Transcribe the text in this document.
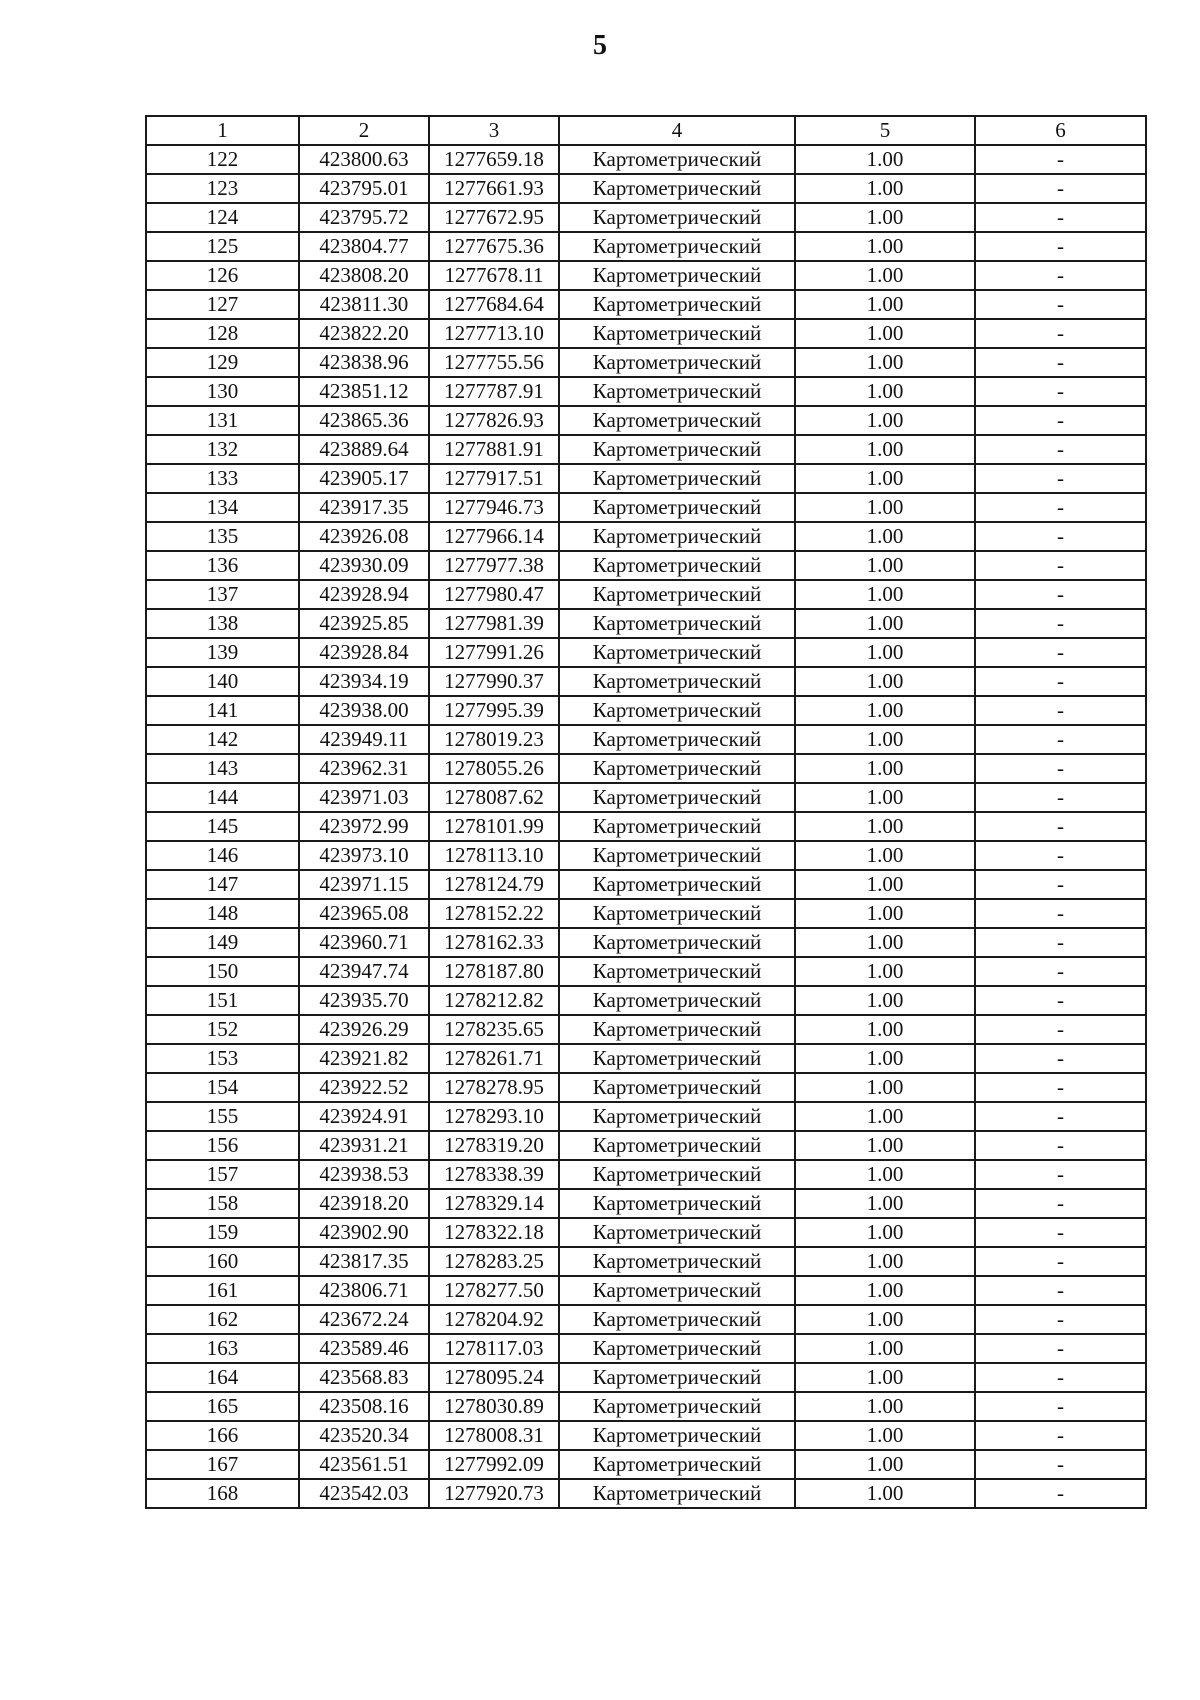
5
1	2	3	4	5	6
122	423800.63	1277659.18	Картометрический	1.00	-
123	423795.01	1277661.93	Картометрический	1.00	-
124	423795.72	1277672.95	Картометрический	1.00	-
125	423804.77	1277675.36	Картометрический	1.00	-
126	423808.20	1277678.11	Картометрический	1.00	-
127	423811.30	1277684.64	Картометрический	1.00	-
128	423822.20	1277713.10	Картометрический	1.00	-
129	423838.96	1277755.56	Картометрический	1.00	-
130	423851.12	1277787.91	Картометрический	1.00	-
131	423865.36	1277826.93	Картометрический	1.00	-
132	423889.64	1277881.91	Картометрический	1.00	-
133	423905.17	1277917.51	Картометрический	1.00	-
134	423917.35	1277946.73	Картометрический	1.00	-
135	423926.08	1277966.14	Картометрический	1.00	-
136	423930.09	1277977.38	Картометрический	1.00	-
137	423928.94	1277980.47	Картометрический	1.00	-
138	423925.85	1277981.39	Картометрический	1.00	-
139	423928.84	1277991.26	Картометрический	1.00	-
140	423934.19	1277990.37	Картометрический	1.00	-
141	423938.00	1277995.39	Картометрический	1.00	-
142	423949.11	1278019.23	Картометрический	1.00	-
143	423962.31	1278055.26	Картометрический	1.00	-
144	423971.03	1278087.62	Картометрический	1.00	-
145	423972.99	1278101.99	Картометрический	1.00	-
146	423973.10	1278113.10	Картометрический	1.00	-
147	423971.15	1278124.79	Картометрический	1.00	-
148	423965.08	1278152.22	Картометрический	1.00	-
149	423960.71	1278162.33	Картометрический	1.00	-
150	423947.74	1278187.80	Картометрический	1.00	-
151	423935.70	1278212.82	Картометрический	1.00	-
152	423926.29	1278235.65	Картометрический	1.00	-
153	423921.82	1278261.71	Картометрический	1.00	-
154	423922.52	1278278.95	Картометрический	1.00	-
155	423924.91	1278293.10	Картометрический	1.00	-
156	423931.21	1278319.20	Картометрический	1.00	-
157	423938.53	1278338.39	Картометрический	1.00	-
158	423918.20	1278329.14	Картометрический	1.00	-
159	423902.90	1278322.18	Картометрический	1.00	-
160	423817.35	1278283.25	Картометрический	1.00	-
161	423806.71	1278277.50	Картометрический	1.00	-
162	423672.24	1278204.92	Картометрический	1.00	-
163	423589.46	1278117.03	Картометрический	1.00	-
164	423568.83	1278095.24	Картометрический	1.00	-
165	423508.16	1278030.89	Картометрический	1.00	-
166	423520.34	1278008.31	Картометрический	1.00	-
167	423561.51	1277992.09	Картометрический	1.00	-
168	423542.03	1277920.73	Картометрический	1.00	-
